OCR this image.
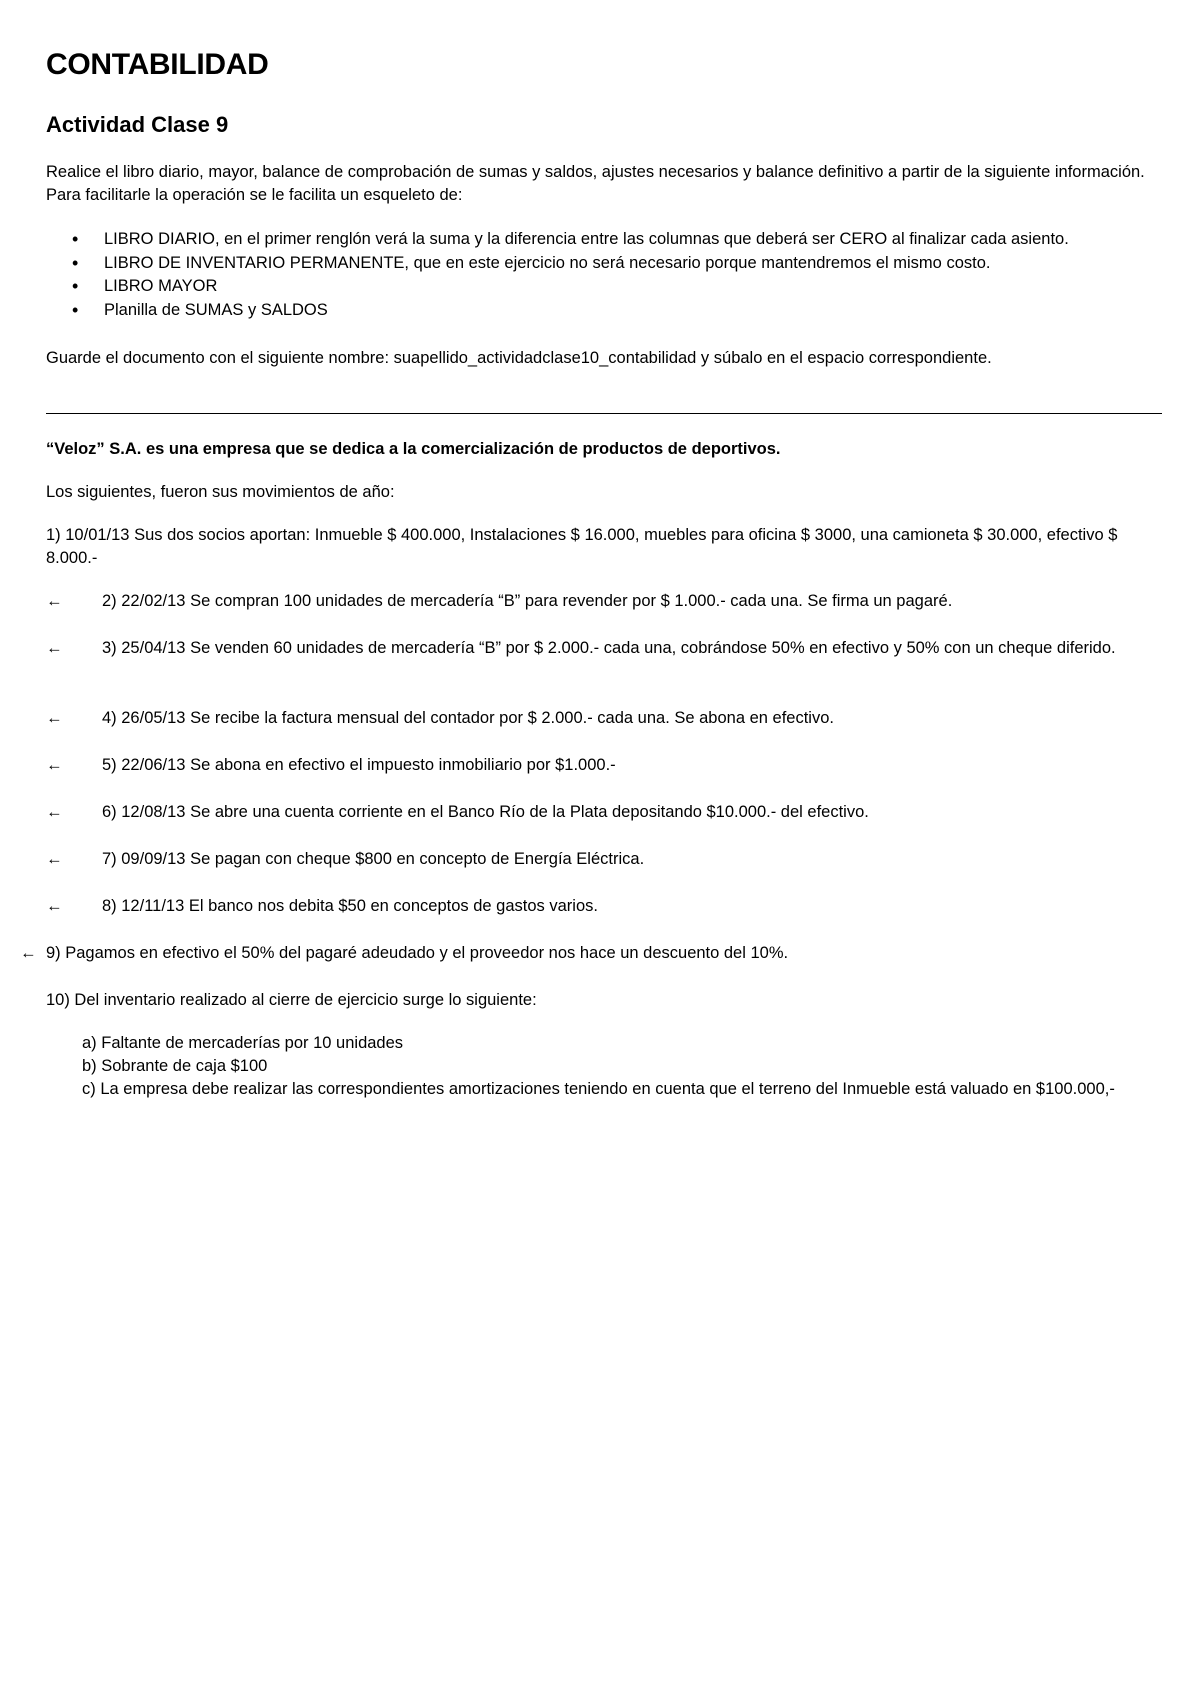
CONTABILIDAD
Actividad Clase 9

Realice el libro diario, mayor, balance de comprobación de sumas y saldos, ajustes necesarios y balance definitivo a partir de la siguiente información. Para facilitarle la operación se le facilita un esqueleto de:

• LIBRO DIARIO, en el primer renglón verá la suma y la diferencia entre las columnas que deberá ser CERO al finalizar cada asiento.
• LIBRO DE INVENTARIO PERMANENTE, que en este ejercicio no será necesario porque mantendremos el mismo costo.
• LIBRO MAYOR
• Planilla de SUMAS y SALDOS

Guarde el documento con el siguiente nombre: suapellido_actividadclase10_contabilidad y súbalo en el espacio correspondiente.

“Veloz” S.A. es una empresa que se dedica a la comercialización de productos de deportivos.

Los siguientes, fueron sus movimientos de año:

1) 10/01/13 Sus dos socios aportan: Inmueble $ 400.000, Instalaciones $ 16.000, muebles para oficina $ 3000, una camioneta $ 30.000, efectivo $ 8.000.-

← 2) 22/02/13 Se compran 100 unidades de mercadería “B” para revender por $ 1.000.- cada una. Se firma un pagaré.

← 3) 25/04/13 Se venden 60 unidades de mercadería “B” por $ 2.000.- cada una, cobrándose 50% en efectivo y 50% con un cheque diferido.

← 4) 26/05/13 Se recibe la factura mensual del contador por $ 2.000.- cada una. Se abona en efectivo.

← 5) 22/06/13 Se abona en efectivo el impuesto inmobiliario por $1.000.-

← 6) 12/08/13 Se abre una cuenta corriente en el Banco Río de la Plata depositando $10.000.- del efectivo.

← 7) 09/09/13 Se pagan con cheque $800 en concepto de Energía Eléctrica.

← 8) 12/11/13 El banco nos debita $50 en conceptos de gastos varios.

← 9) Pagamos en efectivo el 50% del pagaré adeudado y el proveedor nos hace un descuento del 10%.

10) Del inventario realizado al cierre de ejercicio surge lo siguiente:

a) Faltante de mercaderías por 10 unidades
b) Sobrante de caja $100
c) La empresa debe realizar las correspondientes amortizaciones teniendo en cuenta que el terreno del Inmueble está valuado en $100.000,-
